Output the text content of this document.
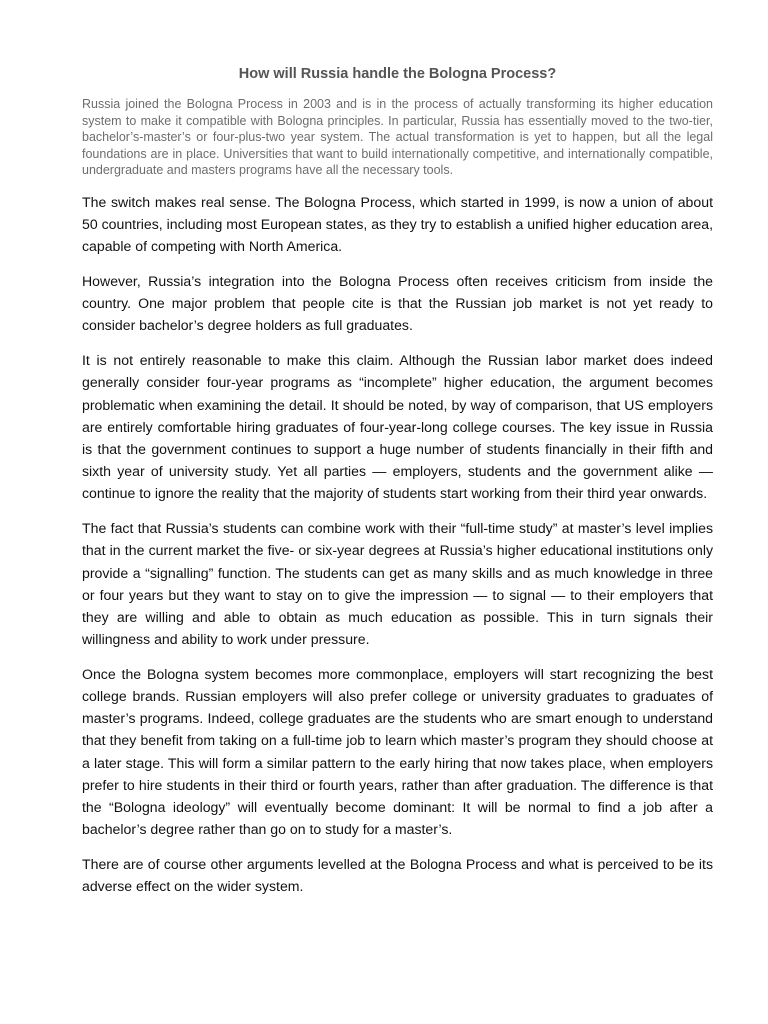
How will Russia handle the Bologna Process?

Russia joined the Bologna Process in 2003 and is in the process of actually transforming its higher education system to make it compatible with Bologna principles. In particular, Russia has essentially moved to the two-tier, bachelor’s-master’s or four-plus-two year system. The actual transformation is yet to happen, but all the legal foundations are in place. Universities that want to build internationally competitive, and internationally compatible, undergraduate and masters programs have all the necessary tools.

The switch makes real sense. The Bologna Process, which started in 1999, is now a union of about 50 countries, including most European states, as they try to establish a unified higher education area, capable of competing with North America.

However, Russia’s integration into the Bologna Process often receives criticism from inside the country. One major problem that people cite is that the Russian job market is not yet ready to consider bachelor’s degree holders as full graduates.

It is not entirely reasonable to make this claim. Although the Russian labor market does indeed generally consider four-year programs as “incomplete” higher education, the argument becomes problematic when examining the detail. It should be noted, by way of comparison, that US employers are entirely comfortable hiring graduates of four-year-long college courses. The key issue in Russia is that the government continues to support a huge number of students financially in their fifth and sixth year of university study. Yet all parties — employers, students and the government alike — continue to ignore the reality that the majority of students start working from their third year onwards.

The fact that Russia’s students can combine work with their “full-time study” at master’s level implies that in the current market the five- or six-year degrees at Russia’s higher educational institutions only provide a “signalling” function. The students can get as many skills and as much knowledge in three or four years but they want to stay on to give the impression — to signal — to their employers that they are willing and able to obtain as much education as possible. This in turn signals their willingness and ability to work under pressure.

Once the Bologna system becomes more commonplace, employers will start recognizing the best college brands. Russian employers will also prefer college or university graduates to graduates of master’s programs. Indeed, college graduates are the students who are smart enough to understand that they benefit from taking on a full-time job to learn which master’s program they should choose at a later stage. This will form a similar pattern to the early hiring that now takes place, when employers prefer to hire students in their third or fourth years, rather than after graduation. The difference is that the “Bologna ideology” will eventually become dominant: It will be normal to find a job after a bachelor’s degree rather than go on to study for a master’s.

There are of course other arguments levelled at the Bologna Process and what is perceived to be its adverse effect on the wider system.
